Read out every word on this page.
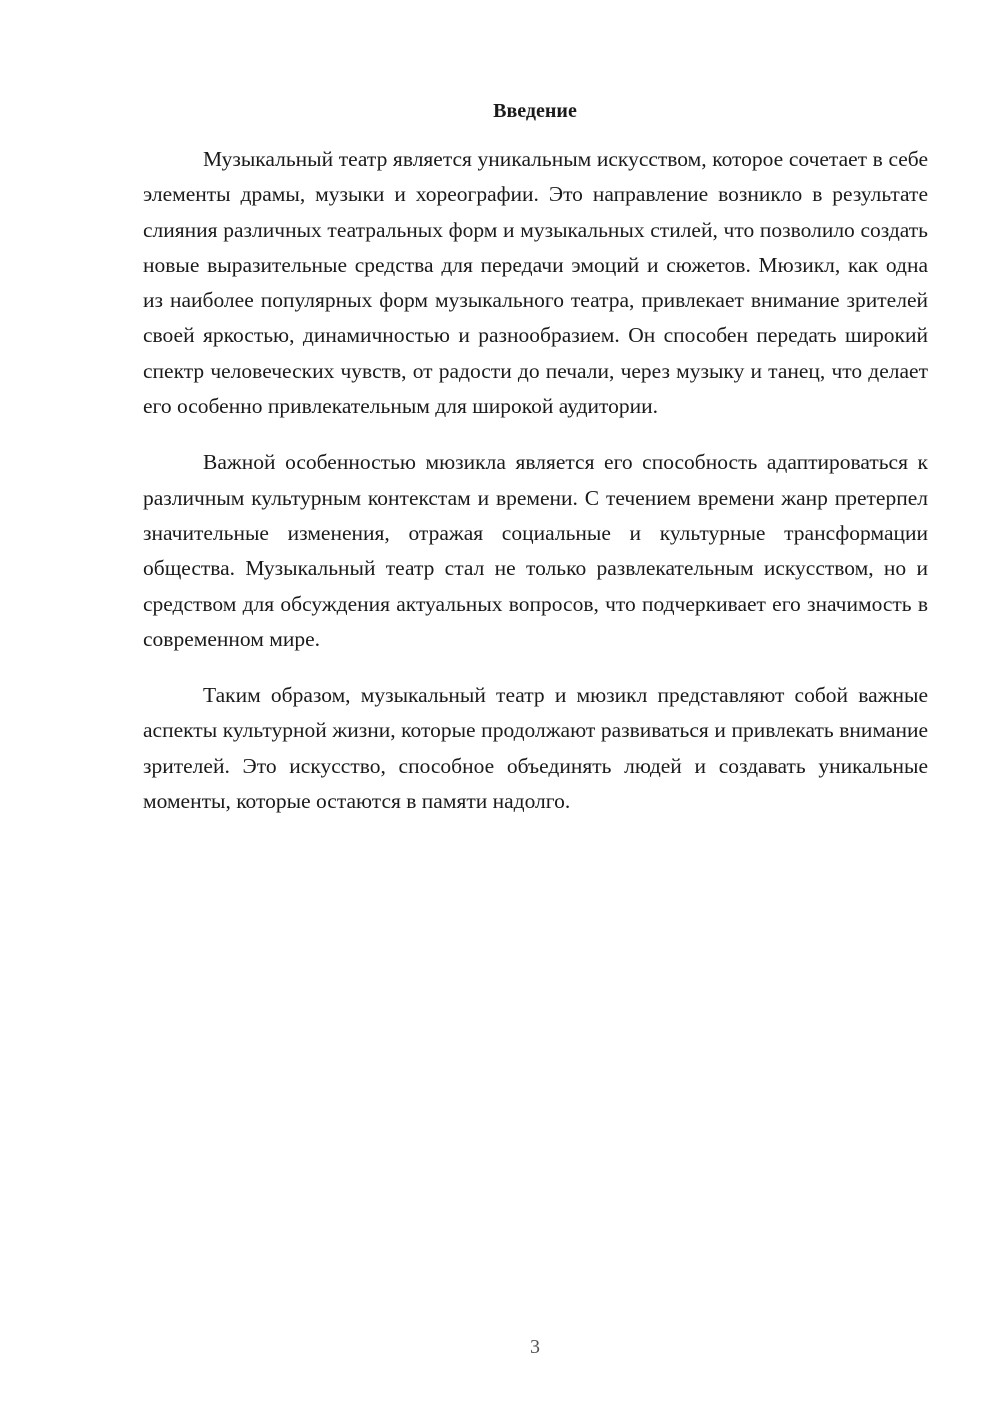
Введение

Музыкальный театр является уникальным искусством, которое сочетает в себе элементы драмы, музыки и хореографии. Это направление возникло в результате слияния различных театральных форм и музыкальных стилей, что позволило создать новые выразительные средства для передачи эмоций и сюжетов. Мюзикл, как одна из наиболее популярных форм музыкального театра, привлекает внимание зрителей своей яркостью, динамичностью и разнообразием. Он способен передать широкий спектр человеческих чувств, от радости до печали, через музыку и танец, что делает его особенно привлекательным для широкой аудитории.

Важной особенностью мюзикла является его способность адаптироваться к различным культурным контекстам и времени. С течением времени жанр претерпел значительные изменения, отражая социальные и культурные трансформации общества. Музыкальный театр стал не только развлекательным искусством, но и средством для обсуждения актуальных вопросов, что подчеркивает его значимость в современном мире.

Таким образом, музыкальный театр и мюзикл представляют собой важные аспекты культурной жизни, которые продолжают развиваться и привлекать внимание зрителей. Это искусство, способное объединять людей и создавать уникальные моменты, которые остаются в памяти надолго.

3
